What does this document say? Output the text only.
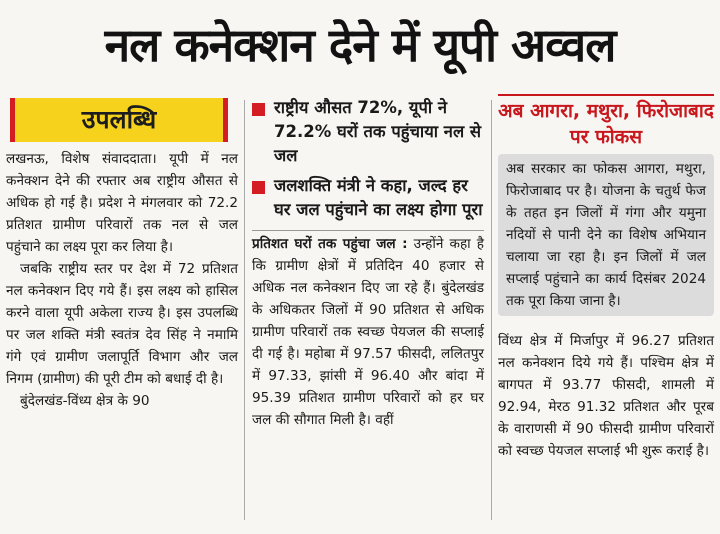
नल कनेक्शन देने में यूपी अव्वल
उपलब्धि

लखनऊ, विशेष संवाददाता। यूपी में नल कनेक्शन देने की रफ्तार अब राष्ट्रीय औसत से अधिक हो गई है। प्रदेश ने मंगलवार को 72.2 प्रतिशत ग्रामीण परिवारों तक नल से जल पहुंचाने का लक्ष्य पूरा कर लिया है।

जबकि राष्ट्रीय स्तर पर देश में 72 प्रतिशत नल कनेक्शन दिए गये हैं। इस लक्ष्य को हासिल करने वाला यूपी अकेला राज्य है। इस उपलब्धि पर जल शक्ति मंत्री स्वतंत्र देव सिंह ने नमामि गंगे एवं ग्रामीण जलापूर्ति विभाग और जल निगम (ग्रामीण) की पूरी टीम को बधाई दी है।

बुंदेलखंड-विंध्य क्षेत्र के 90

राष्ट्रीय औसत 72%, यूपी ने 72.2% घरों तक पहुंचाया नल से जल
जलशक्ति मंत्री ने कहा, जल्द हर घर जल पहुंचाने का लक्ष्य होगा पूरा

प्रतिशत घरों तक पहुंचा जल : उन्होंने कहा है कि ग्रामीण क्षेत्रों में प्रतिदिन 40 हजार से अधिक नल कनेक्शन दिए जा रहे हैं। बुंदेलखंड के अधिकतर जिलों में 90 प्रतिशत से अधिक ग्रामीण परिवारों तक स्वच्छ पेयजल की सप्लाई दी गई है। महोबा में 97.57 फीसदी, ललितपुर में 97.33, झांसी में 96.40 और बांदा में 95.39 प्रतिशत ग्रामीण परिवारों को हर घर जल की सौगात मिली है। वहीं

अब आगरा, मथुरा, फिरोजाबाद पर फोकस

अब सरकार का फोकस आगरा, मथुरा, फिरोजाबाद पर है। योजना के चतुर्थ फेज के तहत इन जिलों में गंगा और यमुना नदियों से पानी देने का विशेष अभियान चलाया जा रहा है। इन जिलों में जल सप्लाई पहुंचाने का कार्य दिसंबर 2024 तक पूरा किया जाना है।

विंध्य क्षेत्र में मिर्जापुर में 96.27 प्रतिशत नल कनेक्शन दिये गये हैं। पश्चिम क्षेत्र में बागपत में 93.77 फीसदी, शामली में 92.94, मेरठ 91.32 प्रतिशत और पूरब के वाराणसी में 90 फीसदी ग्रामीण परिवारों को स्वच्छ पेयजल सप्लाई भी शुरू कराई है।
